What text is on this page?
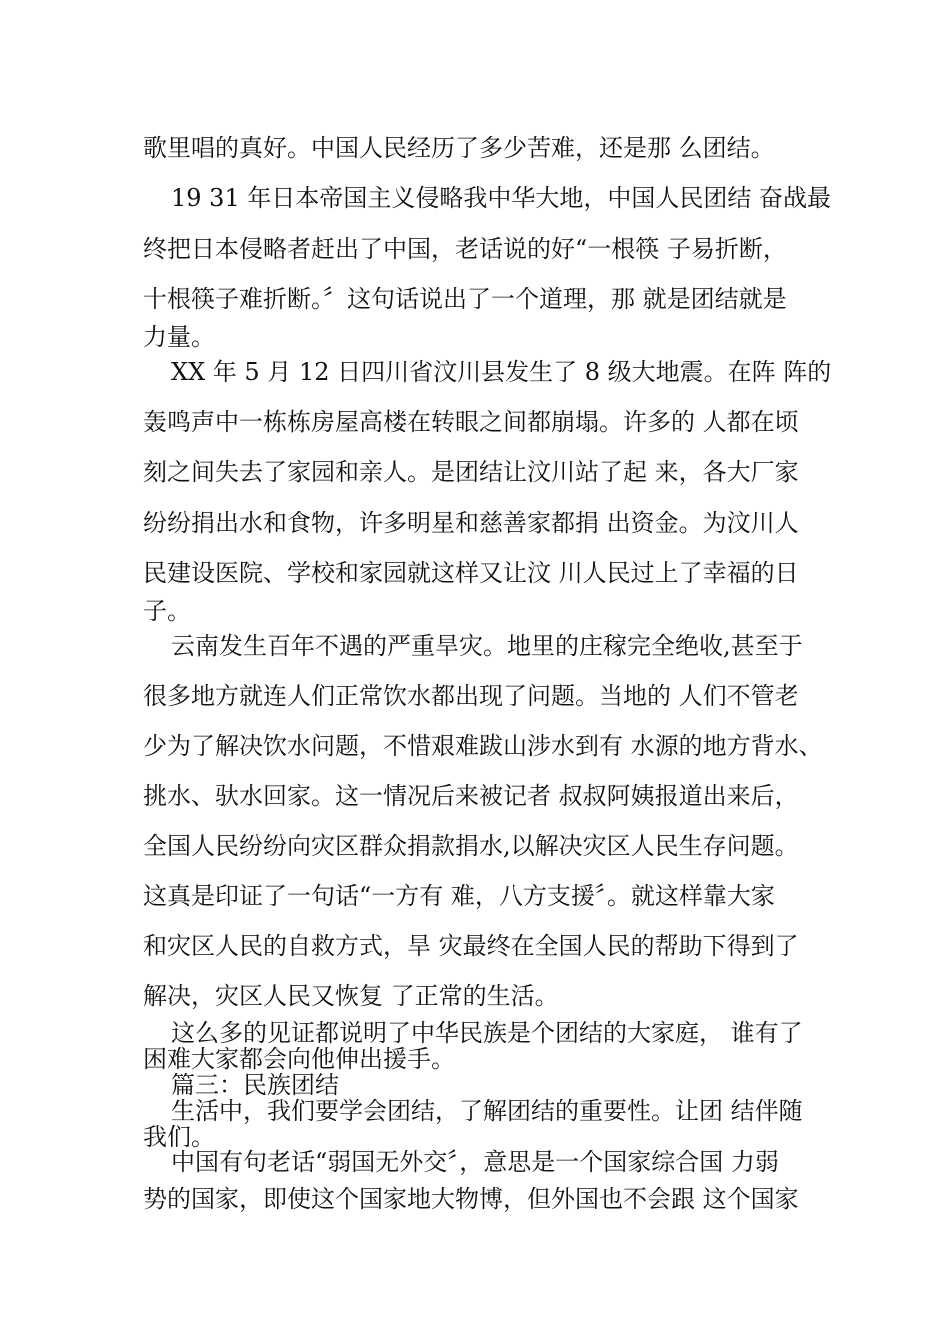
歌里唱的真好。中国人民经历了多少苦难，还是那 么团结。

19 31 年日本帝国主义侵略我中华大地，中国人民团结 奋战最

终把日本侵略者赶出了中国，老话说的好“一根筷 子易折断，

十根筷子难折断。〞这句话说出了一个道理，那 就是团结就是

力量。

XX 年 5 月 12 日四川省汶川县发生了 8 级大地震。在阵 阵的

轰鸣声中一栋栋房屋高楼在转眼之间都崩塌。许多的 人都在顷

刻之间失去了家园和亲人。是团结让汶川站了起 来，各大厂家

纷纷捐出水和食物，许多明星和慈善家都捐 出资金。为汶川人

民建设医院、学校和家园就这样又让汶 川人民过上了幸福的日

子。

云南发生百年不遇的严重旱灾。地里的庄稼完全绝收,甚至于

很多地方就连人们正常饮水都出现了问题。当地的 人们不管老

少为了解决饮水问题，不惜艰难跋山涉水到有 水源的地方背水、

挑水、驮水回家。这一情况后来被记者 叔叔阿姨报道出来后，

全国人民纷纷向灾区群众捐款捐水,以解决灾区人民生存问题。

这真是印证了一句话“一方有 难，八方支援〞。就这样靠大家

和灾区人民的自救方式，旱 灾最终在全国人民的帮助下得到了

解决，灾区人民又恢复 了正常的生活。

这么多的见证都说明了中华民族是个团结的大家庭， 谁有了

困难大家都会向他伸出援手。

篇三：民族团结

生活中，我们要学会团结，了解团结的重要性。让团 结伴随

我们。

中国有句老话“弱国无外交〞，意思是一个国家综合国 力弱

势的国家，即使这个国家地大物博，但外国也不会跟 这个国家
